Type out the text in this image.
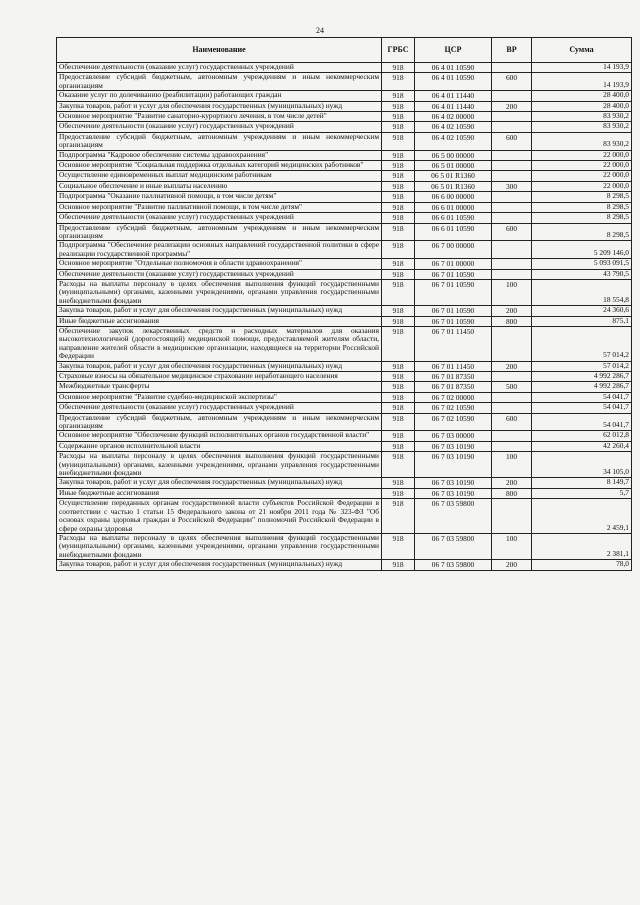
24
Наименование	ГРБС	ЦСР	ВР	Сумма
Обеспечение деятельности (оказание услуг) государственных учреждений	918	06 4 01 10590		14 193,9
Предоставление субсидий бюджетным, автономным учреждениям и иным некоммерческим организациям	918	06 4 01 10590	600	14 193,9
Оказание услуг по долечиванию (реабилитации) работающих граждан	918	06 4 01 11440		28 400,0
Закупка товаров, работ и услуг для обеспечения государственных (муниципальных) нужд	918	06 4 01 11440	200	28 400,0
Основное мероприятие "Развитие санаторно-курортного лечения, в том числе детей"	918	06 4 02 00000		83 930,2
Обеспечение деятельности (оказание услуг) государственных учреждений	918	06 4 02 10590		83 930,2
Предоставление субсидий бюджетным, автономным учреждениям и иным некоммерческим организациям	918	06 4 02 10590	600	83 930,2
Подпрограмма "Кадровое обеспечение системы здравоохранения"	918	06 5 00 00000		22 000,0
Основное мероприятие "Социальная поддержка отдельных категорий медицинских работников"	918	06 5 01 00000		22 000,0
Осуществление единовременных выплат медицинским работникам	918	06 5 01 R1360		22 000,0
Социальное обеспечение и иные выплаты населению	918	06 5 01 R1360	300	22 000,0
Подпрограмма "Оказание паллиативной помощи, в том числе детям"	918	06 6 00 00000		8 298,5
Основное мероприятие "Развитие паллиативной помощи, в том числе детям"	918	06 6 01 00000		8 298,5
Обеспечение деятельности (оказание услуг) государственных учреждений	918	06 6 01 10590		8 298,5
Предоставление субсидий бюджетным, автономным учреждениям и иным некоммерческим организациям	918	06 6 01 10590	600	8 298,5
Подпрограмма "Обеспечение реализации основных направлений государственной политики в сфере реализации государственной программы"	918	06 7 00 00000		5 209 146,0
Основное мероприятие "Отдельные полномочия в области здравоохранения"	918	06 7 01 00000		5 093 091,5
Обеспечение деятельности (оказание услуг) государственных учреждений	918	06 7 01 10590		43 790,5
Расходы на выплаты персоналу в целях обеспечения выполнения функций государственными (муниципальными) органами, казенными учреждениями, органами управления государственными внебюджетными фондами	918	06 7 01 10590	100	18 554,8
Закупка товаров, работ и услуг для обеспечения государственных (муниципальных) нужд	918	06 7 01 10590	200	24 360,6
Иные бюджетные ассигнования	918	06 7 01 10590	800	875,1
Обеспечение закупок лекарственных средств и расходных материалов для оказания высокотехнологичной (дорогостоящей) медицинской помощи, предоставляемой жителям области, направление жителей области в медицинские организации, находящиеся на территории Российской Федерации	918	06 7 01 11450		57 014,2
Закупка товаров, работ и услуг для обеспечения государственных (муниципальных) нужд	918	06 7 01 11450	200	57 014,2
Страховые взносы на обязательное медицинское страхование неработающего населения	918	06 7 01 87350		4 992 286,7
Межбюджетные трансферты	918	06 7 01 87350	500	4 992 286,7
Основное мероприятие "Развитие судебно-медицинской экспертизы"	918	06 7 02 00000		54 041,7
Обеспечение деятельности (оказание услуг) государственных учреждений	918	06 7 02 10590		54 041,7
Предоставление субсидий бюджетным, автономным учреждениям и иным некоммерческим организациям	918	06 7 02 10590	600	54 041,7
Основное мероприятие "Обеспечение функций исполнительных органов государственной власти"	918	06 7 03 00000		62 012,8
Содержание органов исполнительной власти	918	06 7 03 10190		42 260,4
Расходы на выплаты персоналу в целях обеспечения выполнения функций государственными (муниципальными) органами, казенными учреждениями, органами управления государственными внебюджетными фондами	918	06 7 03 10190	100	34 105,0
Закупка товаров, работ и услуг для обеспечения государственных (муниципальных) нужд	918	06 7 03 10190	200	8 149,7
Иные бюджетные ассигнования	918	06 7 03 10190	800	5,7
Осуществление переданных органам государственной власти субъектов Российской Федерации в соответствии с частью 1 статьи 15 Федерального закона от 21 ноября 2011 года № 323-ФЗ "Об основах охраны здоровья граждан в Российской Федерации" полномочий Российской Федерации в сфере охраны здоровья	918	06 7 03 59800		2 459,1
Расходы на выплаты персоналу в целях обеспечения выполнения функций государственными (муниципальными) органами, казенными учреждениями, органами управления государственными внебюджетными фондами	918	06 7 03 59800	100	2 381,1
Закупка товаров, работ и услуг для обеспечения государственных (муниципальных) нужд	918	06 7 03 59800	200	78,0
